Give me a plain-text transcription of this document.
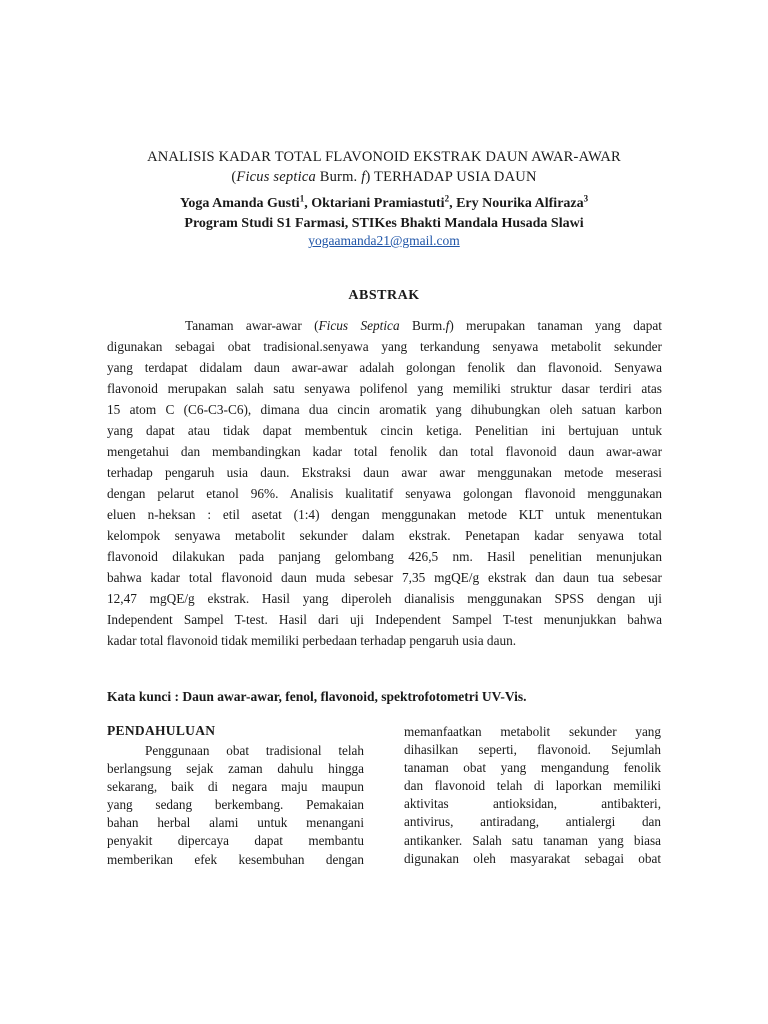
ANALISIS KADAR TOTAL FLAVONOID EKSTRAK DAUN AWAR-AWAR
(Ficus septica Burm. f) TERHADAP USIA DAUN
Yoga Amanda Gusti$^1$, Oktariani Pramiastuti$^2$, Ery Nourika Alfiraza$^3$
Program Studi S1 Farmasi, STIKes Bhakti Mandala Husada Slawi
yogaamanda21@gmail.com
ABSTRAK
Tanaman awar-awar (Ficus Septica Burm.f) merupakan tanaman yang dapat
digunakan sebagai obat tradisional.senyawa yang terkandung senyawa metabolit sekunder
yang terdapat didalam daun awar-awar adalah golongan fenolik dan flavonoid. Senyawa
flavonoid merupakan salah satu senyawa polifenol yang memiliki struktur dasar terdiri atas
15 atom C (C6-C3-C6), dimana dua cincin aromatik yang dihubungkan oleh satuan karbon
yang dapat atau tidak dapat membentuk cincin ketiga. Penelitian ini bertujuan untuk
mengetahui dan membandingkan kadar total fenolik dan total flavonoid daun awar-awar
terhadap pengaruh usia daun. Ekstraksi daun awar awar menggunakan metode meserasi
dengan pelarut etanol 96%. Analisis kualitatif senyawa golongan flavonoid menggunakan
eluen n-heksan : etil asetat (1:4) dengan menggunakan metode KLT untuk menentukan
kelompok senyawa metabolit sekunder dalam ekstrak. Penetapan kadar senyawa total
flavonoid dilakukan pada panjang gelombang 426,5 nm. Hasil penelitian menunjukan
bahwa kadar total flavonoid daun muda sebesar 7,35 mgQE/g ekstrak dan daun tua sebesar
12,47 mgQE/g ekstrak. Hasil yang diperoleh dianalisis menggunakan SPSS dengan uji
Independent Sampel T-test. Hasil dari uji Independent Sampel T-test menunjukkan bahwa
kadar total flavonoid tidak memiliki perbedaan terhadap pengaruh usia daun.
Kata kunci : Daun awar-awar, fenol, flavonoid, spektrofotometri UV-Vis.
PENDAHULUAN
Penggunaan obat tradisional telah
berlangsung sejak zaman dahulu hingga
sekarang, baik di negara maju maupun
yang sedang berkembang. Pemakaian
bahan herbal alami untuk menangani
penyakit dipercaya dapat membantu
memberikan efek kesembuhan dengan
memanfaatkan metabolit sekunder yang
dihasilkan seperti, flavonoid. Sejumlah
tanaman obat yang mengandung fenolik
dan flavonoid telah di laporkan memiliki
aktivitas antioksidan, antibakteri,
antivirus, antiradang, antialergi dan
antikanker. Salah satu tanaman yang biasa
digunakan oleh masyarakat sebagai obat
